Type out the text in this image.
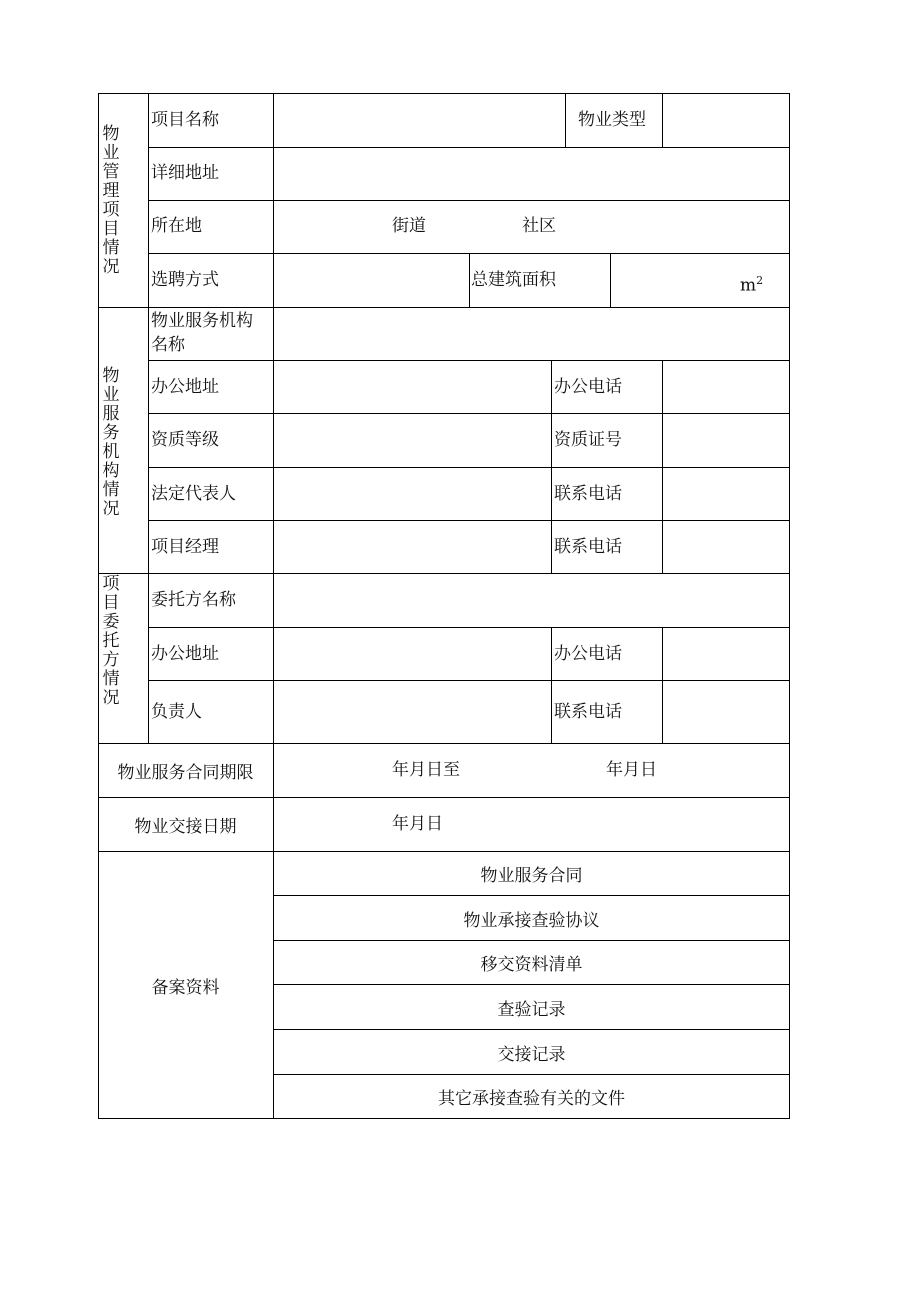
物业管理项目情况
项目名称	物业类型
详细地址
所在地	街道	社区
选聘方式	总建筑面积	$m^2$
物业服务机构情况
物业服务机构
名称
办公地址	办公电话
资质等级	资质证号
法定代表人	联系电话
项目经理	联系电话
项目委托方情况
委托方名称
办公地址	办公电话
负责人	联系电话
物业服务合同期限	年月日至	年月日
物业交接日期	年月日
备案资料
物业服务合同
物业承接查验协议
移交资料清单
查验记录
交接记录
其它承接查验有关的文件
